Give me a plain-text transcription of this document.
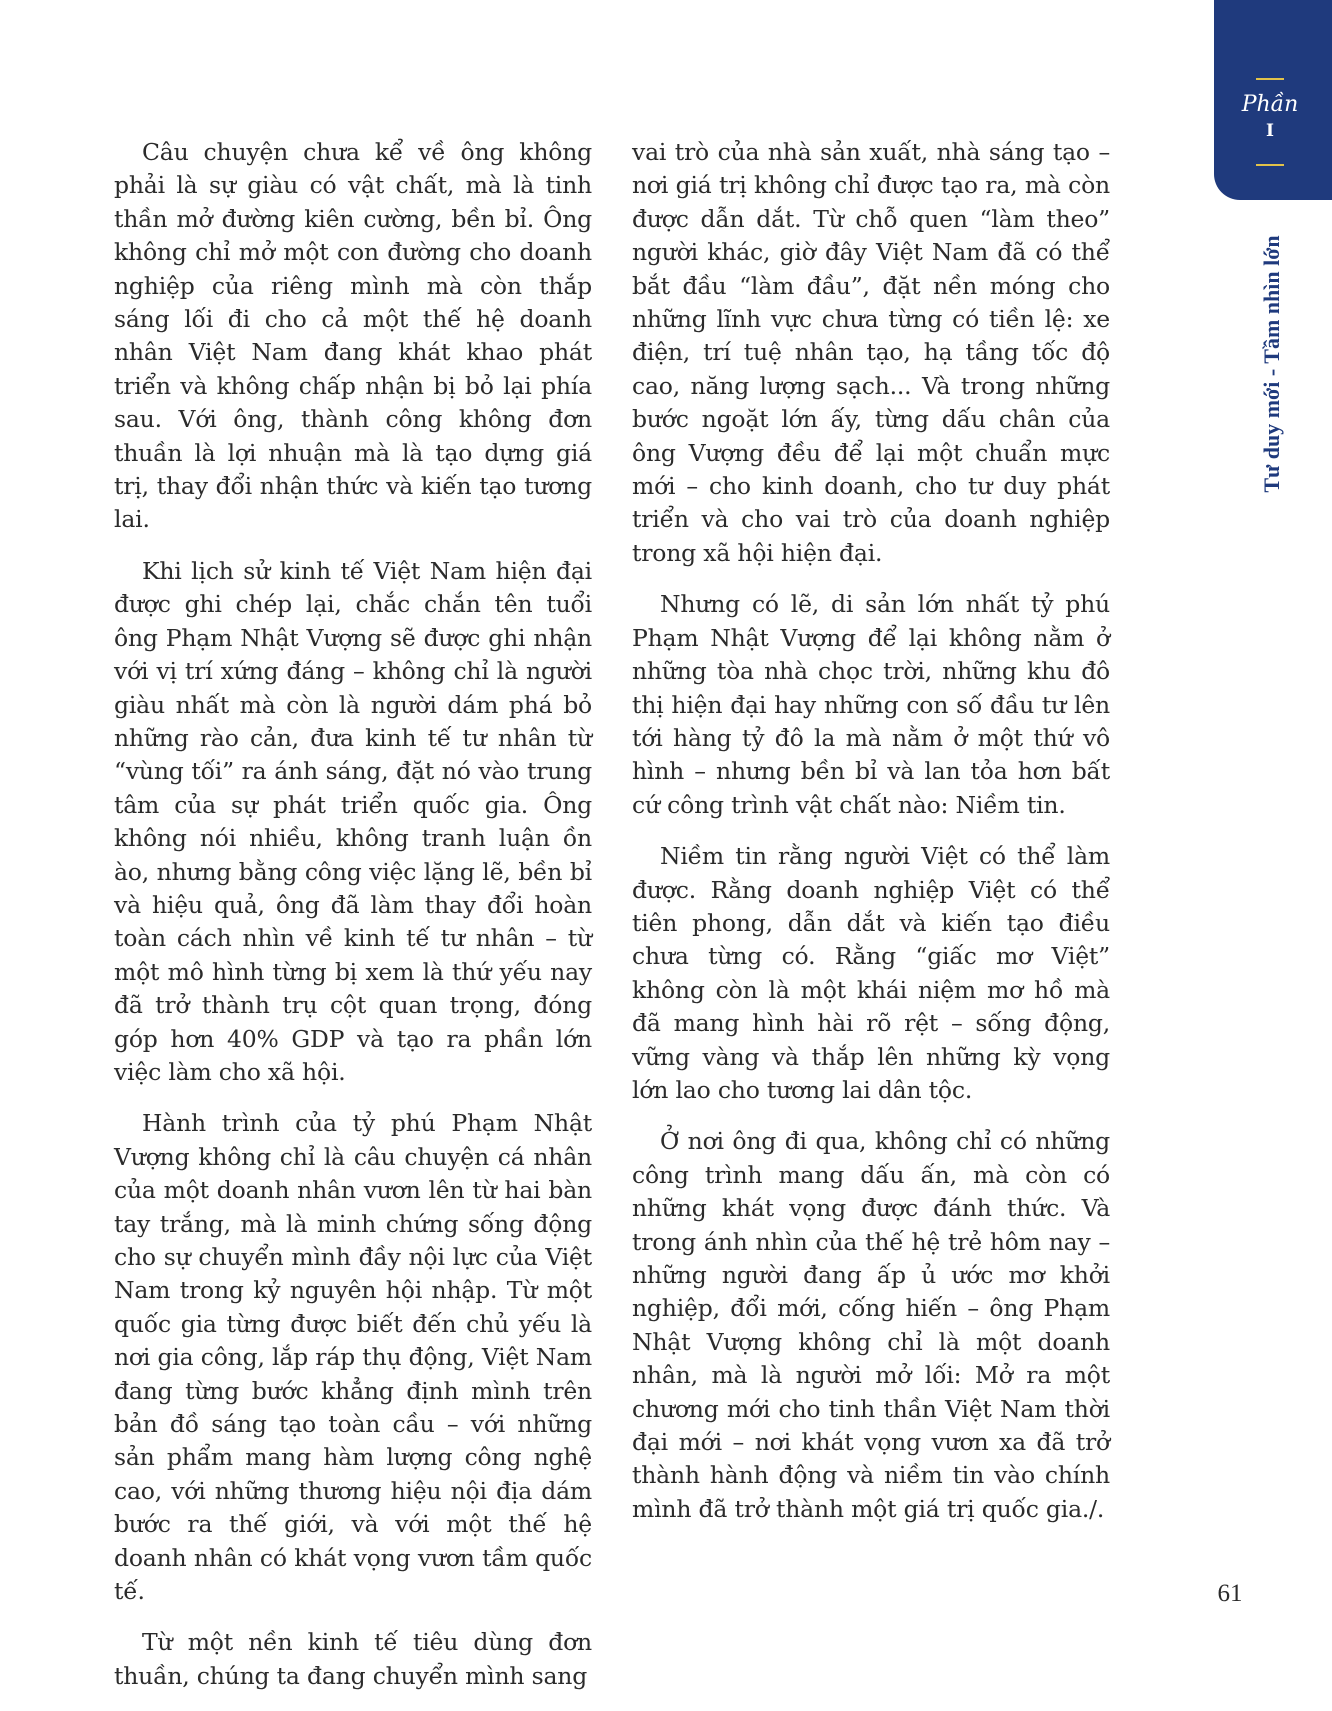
Phần
I
Tư duy mới - Tầm nhìn lớn

Câu chuyện chưa kể về ông không phải là sự giàu có vật chất, mà là tinh thần mở đường kiên cường, bền bỉ. Ông không chỉ mở một con đường cho doanh nghiệp của riêng mình mà còn thắp sáng lối đi cho cả một thế hệ doanh nhân Việt Nam đang khát khao phát triển và không chấp nhận bị bỏ lại phía sau. Với ông, thành công không đơn thuần là lợi nhuận mà là tạo dựng giá trị, thay đổi nhận thức và kiến tạo tương lai.

Khi lịch sử kinh tế Việt Nam hiện đại được ghi chép lại, chắc chắn tên tuổi ông Phạm Nhật Vượng sẽ được ghi nhận với vị trí xứng đáng – không chỉ là người giàu nhất mà còn là người dám phá bỏ những rào cản, đưa kinh tế tư nhân từ “vùng tối” ra ánh sáng, đặt nó vào trung tâm của sự phát triển quốc gia. Ông không nói nhiều, không tranh luận ồn ào, nhưng bằng công việc lặng lẽ, bền bỉ và hiệu quả, ông đã làm thay đổi hoàn toàn cách nhìn về kinh tế tư nhân – từ một mô hình từng bị xem là thứ yếu nay đã trở thành trụ cột quan trọng, đóng góp hơn 40% GDP và tạo ra phần lớn việc làm cho xã hội.

Hành trình của tỷ phú Phạm Nhật Vượng không chỉ là câu chuyện cá nhân của một doanh nhân vươn lên từ hai bàn tay trắng, mà là minh chứng sống động cho sự chuyển mình đầy nội lực của Việt Nam trong kỷ nguyên hội nhập. Từ một quốc gia từng được biết đến chủ yếu là nơi gia công, lắp ráp thụ động, Việt Nam đang từng bước khẳng định mình trên bản đồ sáng tạo toàn cầu – với những sản phẩm mang hàm lượng công nghệ cao, với những thương hiệu nội địa dám bước ra thế giới, và với một thế hệ doanh nhân có khát vọng vươn tầm quốc tế.

Từ một nền kinh tế tiêu dùng đơn thuần, chúng ta đang chuyển mình sang

vai trò của nhà sản xuất, nhà sáng tạo – nơi giá trị không chỉ được tạo ra, mà còn được dẫn dắt. Từ chỗ quen “làm theo” người khác, giờ đây Việt Nam đã có thể bắt đầu “làm đầu”, đặt nền móng cho những lĩnh vực chưa từng có tiền lệ: xe điện, trí tuệ nhân tạo, hạ tầng tốc độ cao, năng lượng sạch... Và trong những bước ngoặt lớn ấy, từng dấu chân của ông Vượng đều để lại một chuẩn mực mới – cho kinh doanh, cho tư duy phát triển và cho vai trò của doanh nghiệp trong xã hội hiện đại.

Nhưng có lẽ, di sản lớn nhất tỷ phú Phạm Nhật Vượng để lại không nằm ở những tòa nhà chọc trời, những khu đô thị hiện đại hay những con số đầu tư lên tới hàng tỷ đô la mà nằm ở một thứ vô hình – nhưng bền bỉ và lan tỏa hơn bất cứ công trình vật chất nào: Niềm tin.

Niềm tin rằng người Việt có thể làm được. Rằng doanh nghiệp Việt có thể tiên phong, dẫn dắt và kiến tạo điều chưa từng có. Rằng “giấc mơ Việt” không còn là một khái niệm mơ hồ mà đã mang hình hài rõ rệt – sống động, vững vàng và thắp lên những kỳ vọng lớn lao cho tương lai dân tộc.

Ở nơi ông đi qua, không chỉ có những công trình mang dấu ấn, mà còn có những khát vọng được đánh thức. Và trong ánh nhìn của thế hệ trẻ hôm nay – những người đang ấp ủ ước mơ khởi nghiệp, đổi mới, cống hiến – ông Phạm Nhật Vượng không chỉ là một doanh nhân, mà là người mở lối: Mở ra một chương mới cho tinh thần Việt Nam thời đại mới – nơi khát vọng vươn xa đã trở thành hành động và niềm tin vào chính mình đã trở thành một giá trị quốc gia./.

61
